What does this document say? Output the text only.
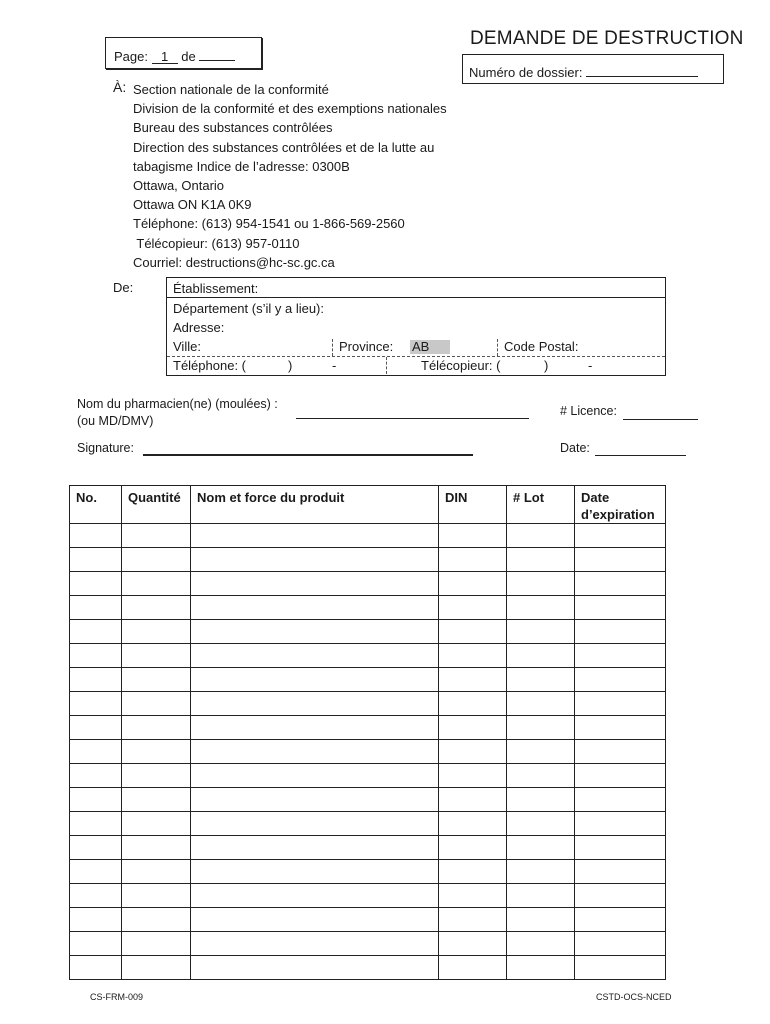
Page: 1 de
DEMANDE DE DESTRUCTION
Numéro de dossier:
À: Section nationale de la conformité
Division de la conformité et des exemptions nationales
Bureau des substances contrôlées
Direction des substances contrôlées et de la lutte au
tabagisme Indice de l’adresse: 0300B
Ottawa, Ontario
Ottawa ON K1A 0K9
Téléphone: (613) 954-1541 ou 1-866-569-2560
Télécopieur: (613) 957-0110
Courriel: destructions@hc-sc.gc.ca
De:	Établissement:
Département (s’il y a lieu):
Adresse:
Ville:	Province: AB	Code Postal:
Téléphone: (	)	-	Télécopieur: (	)	-
Nom du pharmacien(ne) (moulées) :
(ou MD/DMV)
# Licence:
Signature:	Date:
No.	Quantité	Nom et force du produit	DIN	# Lot	Date d’expiration

CS-FRM-009	CSTD-OCS-NCED
